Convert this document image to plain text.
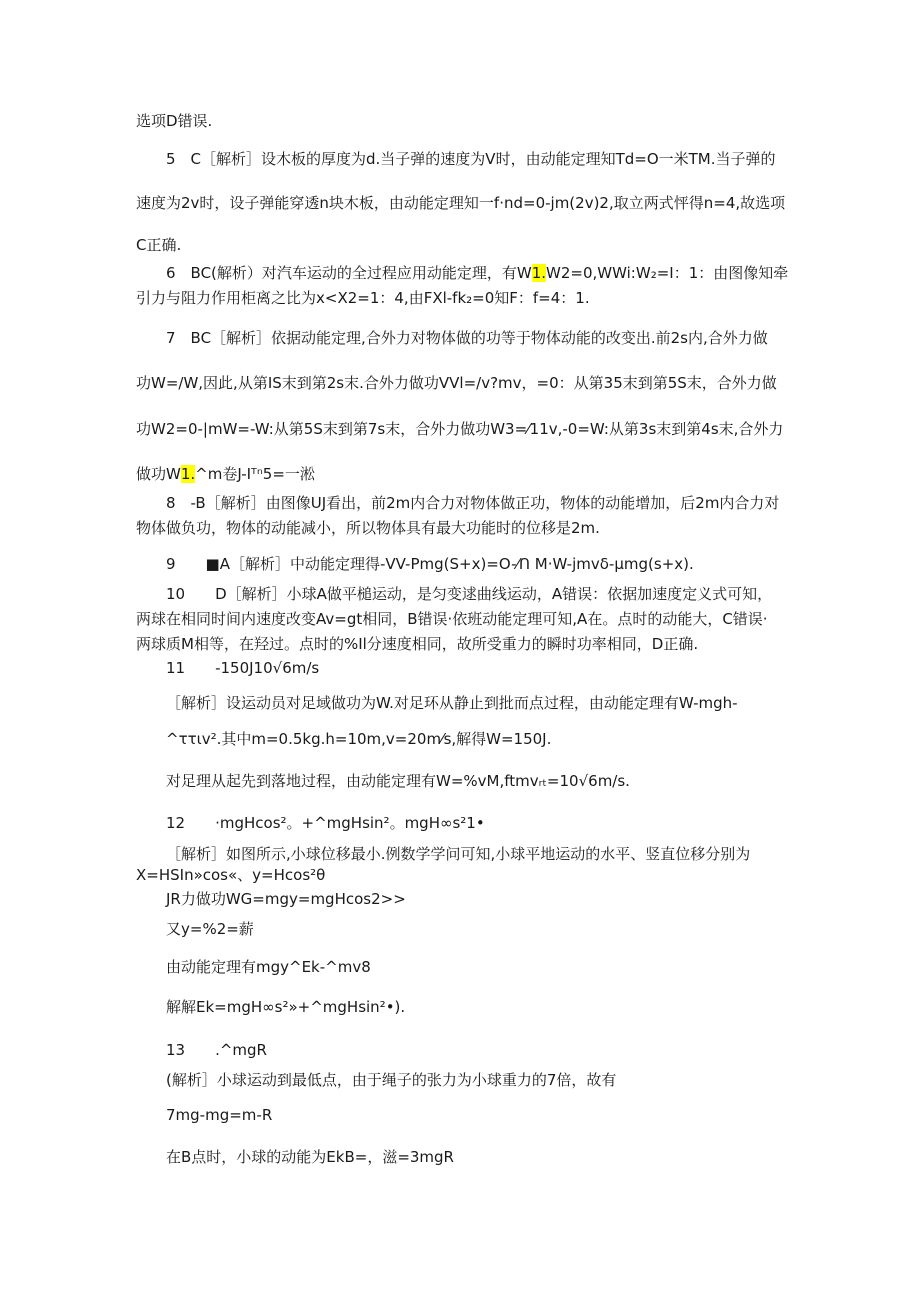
选项D错误.
5　C［解析］设木板的厚度为d.当子弹的速度为V时，由动能定理知Td=O一米TM.当子弹的
速度为2v时，设子弹能穿透n块木板，由动能定理知一f·nd=0-jm(2v)2,取立两式怦得n=4,故选项
C正确.
6　BC(解析）对汽车运动的全过程应用动能定理，有W1.W2=0,WWi:W₂=I：1：由图像知牵
引力与阻力作用柜离之比为x<X2=1：4,由FXl-fk₂=0知F：f=4：1.
7　BC［解析］依据动能定理,合外力对物体做的功等于物体动能的改变出.前2s内,合外力做
功W=/W,因此,从第IS末到第2s末.合外力做功VVl=/v?mv，=0：从第35末到第5S末，合外力做
功W2=0-|mW=-W:从第5S末到第7s末，合外力做功W3=⁄11v,-0=W:从第3s末到第4s末,合外力
做功W1.^m卷J-Iᵀⁿ5=一淞
8　-B［解析］由图像UJ看出，前2m内合力对物体做正功，物体的动能增加，后2m内合力对
物体做负功，物体的动能减小，所以物体具有最大功能时的位移是2m.
9　　■A［解析］中动能定理得-VV-Pmg(S+x)=O-⁄Ո M·W-jmvδ-μmg(s+x).
10　　D［解析］小球A做平槌运动，是匀变逑曲线运动，A错误：依据加速度定义式可知，
两球在相同时间内速度改变Av=gt相同，B错误·依班动能定理可知,A在。点时的动能大，C错误·
两球质M相等，在羟过。点时的%Il分速度相同，故所受重力的瞬时功率相同，D正确.
11　　-150J10√6m/s
［解析］设运动员对足域做功为W.对足环从静止到批而点过程，由动能定理有W-mgh-
^ττιv².其中m=0.5kg.h=10m,v=20m⁄s,解得W=150J.
对足理从起先到落地过程，由动能定理有W=%vM,ftmvᵣₜ=10√6m/s.
12　　·mgHcos²。+^mgHsin²。mgH∞s²1•
［解析］如图所示,小球位移最小.例数学学问可知,小球平地运动的水平、竖直位移分别为
X=HSIn»cos«、y=Hcos²θ
JR力做功WG=mgy=mgHcos2>>
又y=%2=薪
由动能定理有mgy^Ek-^mv8
解解Ek=mgH∞s²»+^mgHsin²•).
13　　.^mgR
(解析］小球运动到最低点，由于绳子的张力为小球重力的7倍，故有
7mg-mg=m-R
在B点时，小球的动能为EkB=，滋=3mgR
